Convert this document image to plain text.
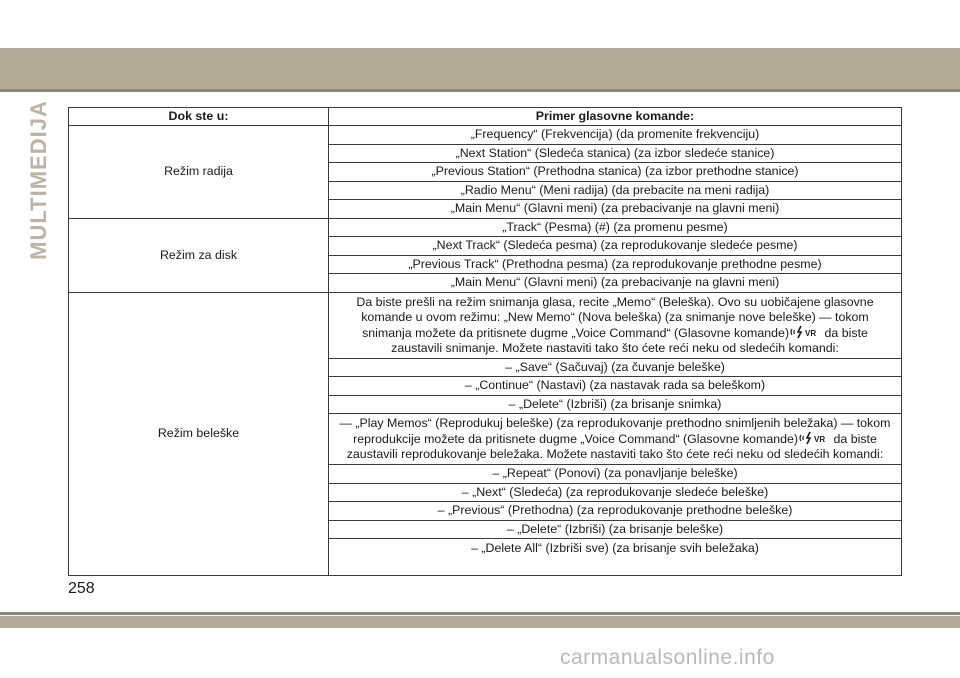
MULTIMEDIJA	Dok ste u:	Primer glasovne komande:
Režim radija	„Frequency“ (Frekvencija) (da promenite frekvenciju)
	„Next Station“ (Sledeća stanica) (za izbor sledeće stanice)
	„Previous Station“ (Prethodna stanica) (za izbor prethodne stanice)
	„Radio Menu“ (Meni radija) (da prebacite na meni radija)
	„Main Menu“ (Glavni meni) (za prebacivanje na glavni meni)
Režim za disk	„Track“ (Pesma) (#) (za promenu pesme)
	„Next Track“ (Sledeća pesma) (za reprodukovanje sledeće pesme)
	„Previous Track“ (Prethodna pesma) (za reprodukovanje prethodne pesme)
	„Main Menu“ (Glavni meni) (za prebacivanje na glavni meni)
Režim beleške	Da biste prešli na režim snimanja glasa, recite „Memo“ (Beleška). Ovo su uobičajene glasovne komande u ovom režimu: „New Memo“ (Nova beleška) (za snimanje nove beleške) — tokom snimanja možete da pritisnete dugme „Voice Command“ (Glasovne komande) VR da biste zaustavili snimanje. Možete nastaviti tako što ćete reći neku od sledećih komandi:
	– „Save“ (Sačuvaj) (za čuvanje beleške)
	– „Continue“ (Nastavi) (za nastavak rada sa beleškom)
	– „Delete“ (Izbriši) (za brisanje snimka)
	— „Play Memos“ (Reprodukuj beleške) (za reprodukovanje prethodno snimljenih beležaka) — tokom reprodukcije možete da pritisnete dugme „Voice Command“ (Glasovne komande) VR da biste zaustavili reprodukovanje beležaka. Možete nastaviti tako što ćete reći neku od sledećih komandi:
	– „Repeat“ (Ponovi) (za ponavljanje beleške)
	– „Next“ (Sledeća) (za reprodukovanje sledeće beleške)
	– „Previous“ (Prethodna) (za reprodukovanje prethodne beleške)
	– „Delete“ (Izbriši) (za brisanje beleške)
	– „Delete All“ (Izbriši sve) (za brisanje svih beležaka)
258
carmanualsonline.info
